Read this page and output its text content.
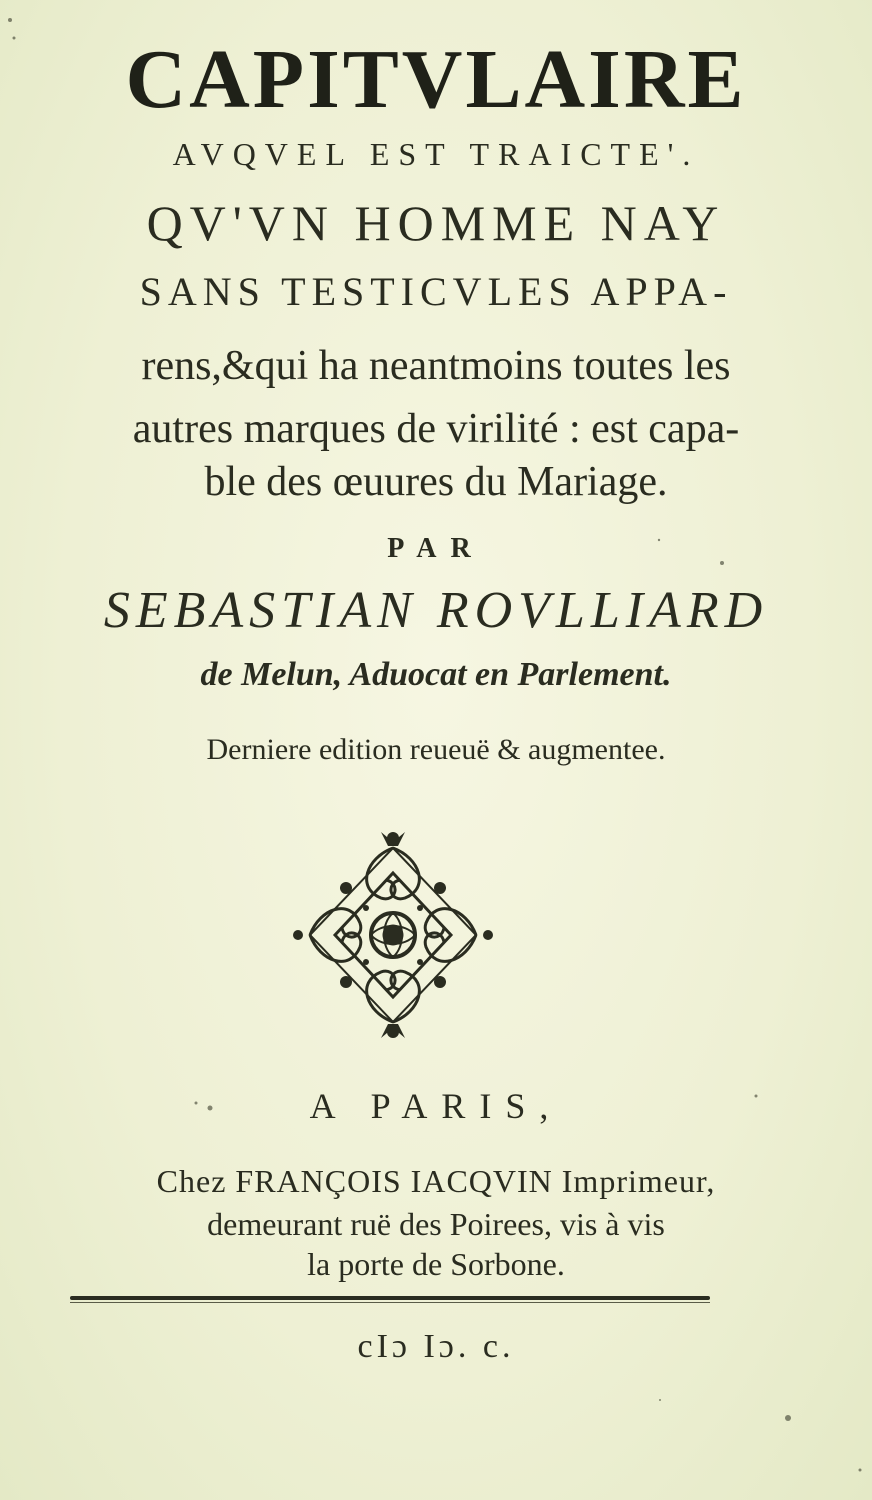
CAPITVLAIRE
AVQVEL EST TRAICTE'.
QV'VN HOMME NAY
SANS TESTICVLES APPA-
rens,&qui ha neantmoins toutes les
autres marques de virilité : est capa-
ble des œuures du Mariage.
PAR
SEBASTIAN ROVLLIARD
de Melun, Aduocat en Parlement.
Derniere edition reueuë & augmentee.
A PARIS,
Chez FRANÇOIS IACQVIN Imprimeur,
demeurant ruë des Poirees, vis à vis
la porte de Sorbone.
cIɔ Iɔ. c.
